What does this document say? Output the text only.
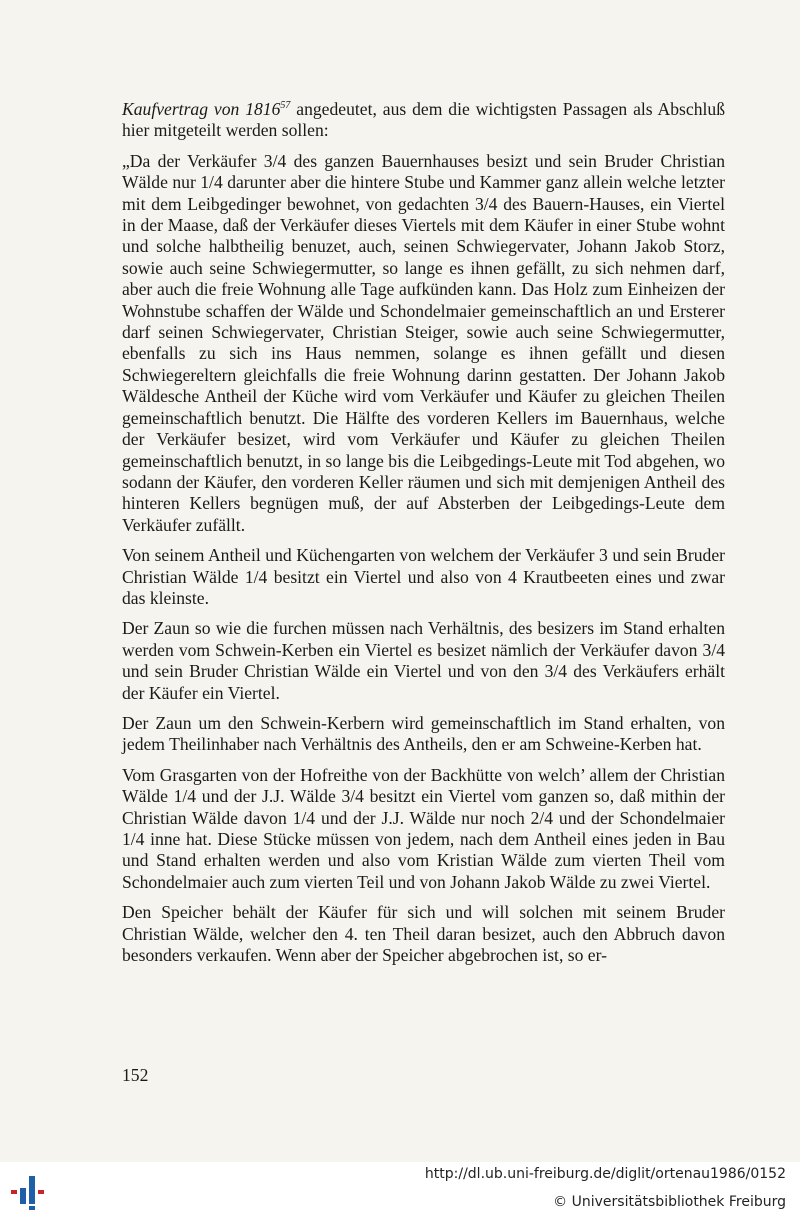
Kaufvertrag von 1816$^{57}$ angedeutet, aus dem die wichtigsten Passagen als Abschluß hier mitgeteilt werden sollen:

„Da der Verkäufer 3/4 des ganzen Bauernhauses besizt und sein Bruder Christian Wälde nur 1/4 darunter aber die hintere Stube und Kammer ganz allein welche letzter mit dem Leibgedinger bewohnet, von gedachten 3/4 des Bauern-Hauses, ein Viertel in der Maase, daß der Verkäufer dieses Viertels mit dem Käufer in einer Stube wohnt und solche halbtheilig benuzet, auch, seinen Schwiegervater, Johann Jakob Storz, sowie auch seine Schwiegermutter, so lange es ihnen gefällt, zu sich nehmen darf, aber auch die freie Wohnung alle Tage aufkünden kann. Das Holz zum Einheizen der Wohnstube schaffen der Wälde und Schondelmaier gemeinschaftlich an und Ersterer darf seinen Schwiegervater, Christian Steiger, sowie auch seine Schwiegermutter, ebenfalls zu sich ins Haus nemmen, solange es ihnen gefällt und diesen Schwiegereltern gleichfalls die freie Wohnung darinn gestatten. Der Johann Jakob Wäldesche Antheil der Küche wird vom Verkäufer und Käufer zu gleichen Theilen gemeinschaftlich benutzt. Die Hälfte des vorderen Kellers im Bauernhaus, welche der Verkäufer besizet, wird vom Verkäufer und Käufer zu gleichen Theilen gemeinschaftlich benutzt, in so lange bis die Leibgedings-Leute mit Tod abgehen, wo sodann der Käufer, den vorderen Keller räumen und sich mit demjenigen Antheil des hinteren Kellers begnügen muß, der auf Absterben der Leibgedings-Leute dem Verkäufer zufällt.

Von seinem Antheil und Küchengarten von welchem der Verkäufer 3 und sein Bruder Christian Wälde 1/4 besitzt ein Viertel und also von 4 Krautbeeten eines und zwar das kleinste.

Der Zaun so wie die furchen müssen nach Verhältnis, des besizers im Stand erhalten werden vom Schwein-Kerben ein Viertel es besizet nämlich der Verkäufer davon 3/4 und sein Bruder Christian Wälde ein Viertel und von den 3/4 des Verkäufers erhält der Käufer ein Viertel.

Der Zaun um den Schwein-Kerbern wird gemeinschaftlich im Stand erhalten, von jedem Theilinhaber nach Verhältnis des Antheils, den er am Schweine-Kerben hat.

Vom Grasgarten von der Hofreithe von der Backhütte von welch’ allem der Christian Wälde 1/4 und der J.J. Wälde 3/4 besitzt ein Viertel vom ganzen so, daß mithin der Christian Wälde davon 1/4 und der J.J. Wälde nur noch 2/4 und der Schondelmaier 1/4 inne hat. Diese Stücke müssen von jedem, nach dem Antheil eines jeden in Bau und Stand erhalten werden und also vom Kristian Wälde zum vierten Theil vom Schondelmaier auch zum vierten Teil und von Johann Jakob Wälde zu zwei Viertel.

Den Speicher behält der Käufer für sich und will solchen mit seinem Bruder Christian Wälde, welcher den 4. ten Theil daran besizet, auch den Abbruch davon besonders verkaufen. Wenn aber der Speicher abgebrochen ist, so er-

152
http://dl.ub.uni-freiburg.de/diglit/ortenau1986/0152
© Universitätsbibliothek Freiburg
